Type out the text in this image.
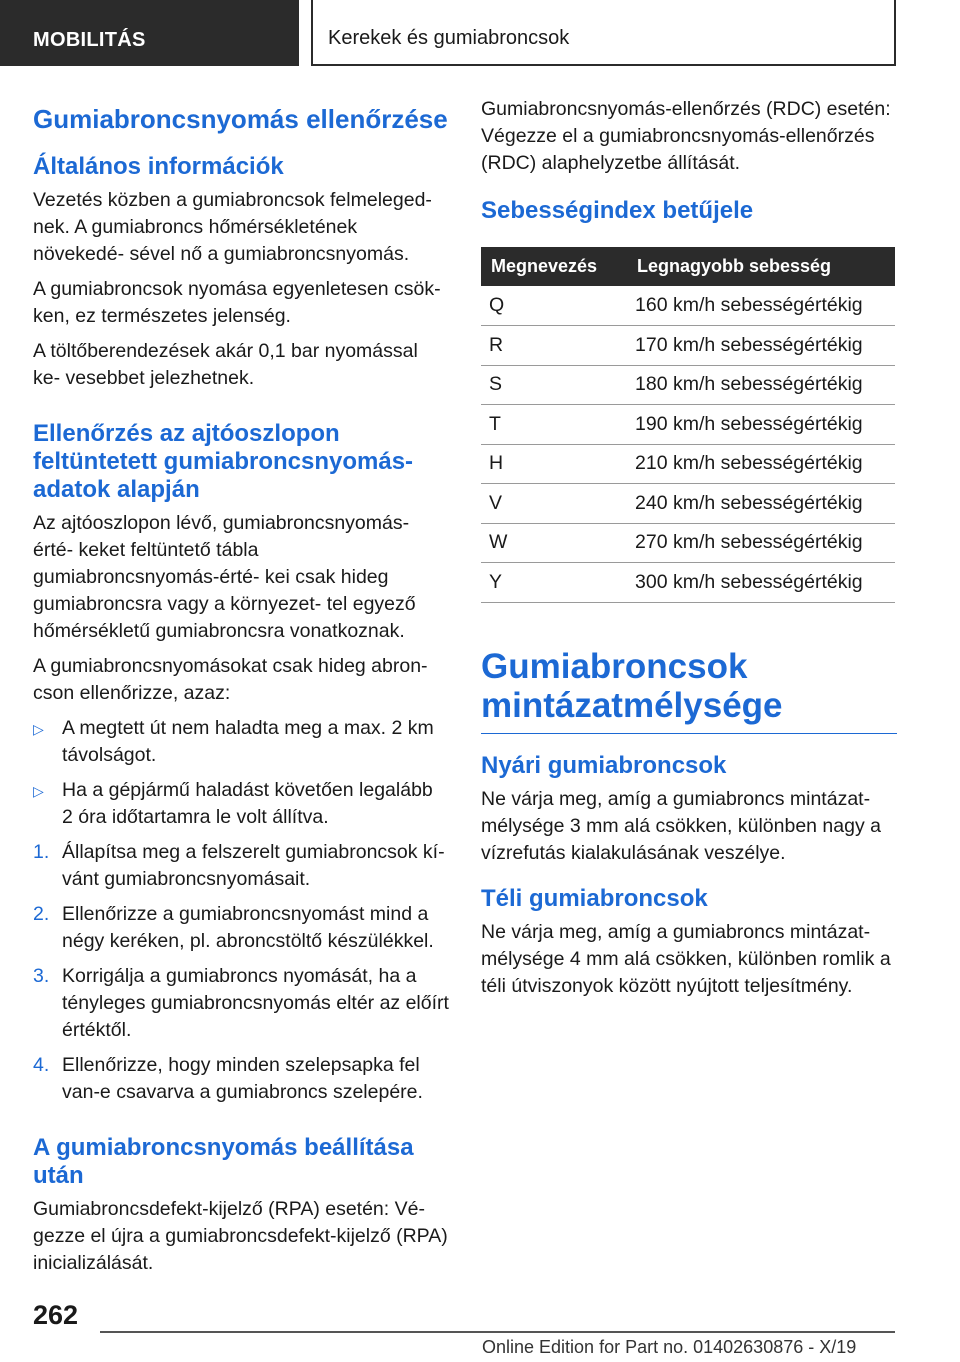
MOBILITÁS	Kerekek és gumiabroncsok
Gumiabroncsnyomás ellenőrzése
Általános információk

Vezetés közben a gumiabroncsok felmeleged- nek. A gumiabroncs hőmérsékletének növekedé- sével nő a gumiabroncsnyomás.

A gumiabroncsok nyomása egyenletesen csök- ken, ez természetes jelenség.

A töltőberendezések akár 0,1 bar nyomással ke- vesebbet jelezhetnek.

Ellenőrzés az ajtóoszlopon feltüntetett gumiabroncsnyomás- adatok alapján

Az ajtóoszlopon lévő, gumiabroncsnyomás-érté- keket feltüntető tábla gumiabroncsnyomás-érté- kei csak hideg gumiabroncsra vagy a környezet- tel egyező hőmérsékletű gumiabroncsra vonatkoznak.

A gumiabroncsnyomásokat csak hideg abron- cson ellenőrizze, azaz:

▷ A megtett út nem haladta meg a max. 2 km távolságot.
▷ Ha a gépjármű haladást követően legalább 2 óra időtartamra le volt állítva.
1. Állapítsa meg a felszerelt gumiabroncsok kí- vánt gumiabroncsnyomásait.
2. Ellenőrizze a gumiabroncsnyomást mind a négy keréken, pl. abroncstöltő készülékkel.
3. Korrigálja a gumiabroncs nyomását, ha a tényleges gumiabroncsnyomás eltér az előírt értéktől.
4. Ellenőrizze, hogy minden szelepsapka fel van-e csavarva a gumiabroncs szelepére.
A gumiabroncsnyomás beállítása után

Gumiabroncsdefekt-kijelző (RPA) esetén: Vé- gezze el újra a gumiabroncsdefekt-kijelző (RPA) inicializálását.

Gumiabroncsnyomás-ellenőrzés (RDC) esetén: Végezze el a gumiabroncsnyomás-ellenőrzés (RDC) alaphelyzetbe állítását.

Sebességindex betűjele
Megnevezés	Legnagyobb sebesség
Q	160 km/h sebességértékig
R	170 km/h sebességértékig
S	180 km/h sebességértékig
T	190 km/h sebességértékig
H	210 km/h sebességértékig
V	240 km/h sebességértékig
W	270 km/h sebességértékig
Y	300 km/h sebességértékig
Gumiabroncsok mintázatmélysége
Nyári gumiabroncsok

Ne várja meg, amíg a gumiabroncs mintázat- mélysége 3 mm alá csökken, különben nagy a vízrefutás kialakulásának veszélye.

Téli gumiabroncsok

Ne várja meg, amíg a gumiabroncs mintázat- mélysége 4 mm alá csökken, különben romlik a téli útviszonyok között nyújtott teljesítmény.

262
Online Edition for Part no. 01402630876 - X/19
